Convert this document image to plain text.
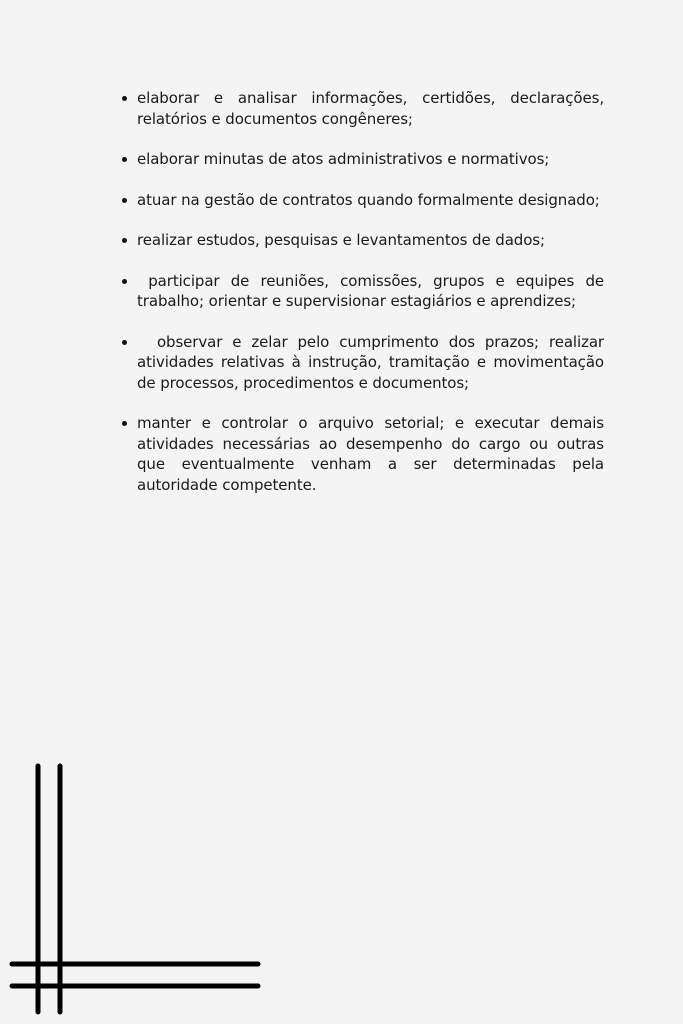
elaborar e analisar informações, certidões, declarações, relatórios e documentos congêneres;
elaborar minutas de atos administrativos e normativos;
atuar na gestão de contratos quando formalmente designado;
realizar estudos, pesquisas e levantamentos de dados;
participar de reuniões, comissões, grupos e equipes de trabalho; orientar e supervisionar estagiários e aprendizes;
observar e zelar pelo cumprimento dos prazos; realizar atividades relativas à instrução, tramitação e movimentação de processos, procedimentos e documentos;
manter e controlar o arquivo setorial; e executar demais atividades necessárias ao desempenho do cargo ou outras que eventualmente venham a ser determinadas pela autoridade competente.
